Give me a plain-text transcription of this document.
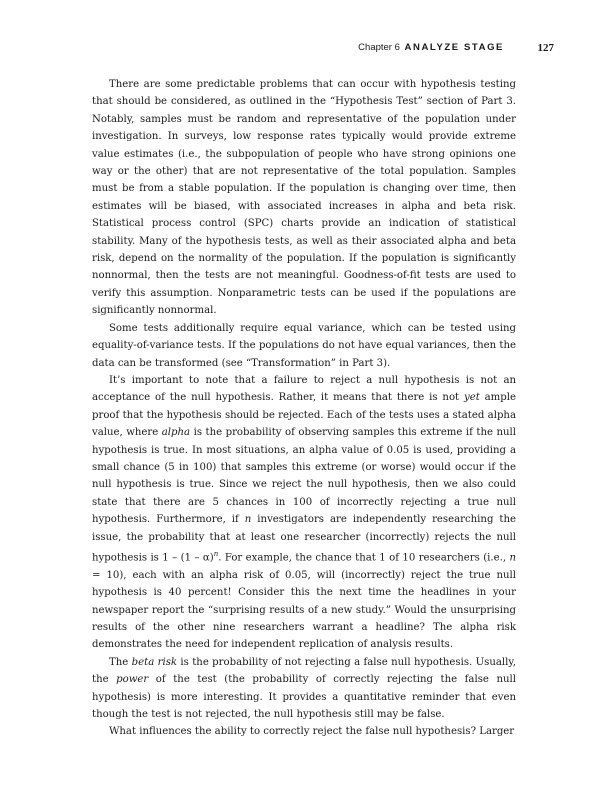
Chapter 6 ANALYZE STAGE	127

There are some predictable problems that can occur with hypothesis testing that should be considered, as outlined in the “Hypothesis Test” section of Part 3. Notably, samples must be random and representative of the population under investigation. In surveys, low response rates typically would provide extreme value estimates (i.e., the subpopulation of people who have strong opinions one way or the other) that are not representative of the total population. Samples must be from a stable population. If the population is changing over time, then estimates will be biased, with associated increases in alpha and beta risk. Statistical process control (SPC) charts provide an indication of statistical stability. Many of the hypothesis tests, as well as their associated alpha and beta risk, depend on the normality of the population. If the population is significantly nonnormal, then the tests are not meaningful. Goodness-of-fit tests are used to verify this assumption. Nonparametric tests can be used if the populations are significantly nonnormal.

Some tests additionally require equal variance, which can be tested using equality-of-variance tests. If the populations do not have equal variances, then the data can be transformed (see “Transformation” in Part 3).

It’s important to note that a failure to reject a null hypothesis is not an acceptance of the null hypothesis. Rather, it means that there is not yet ample proof that the hypothesis should be rejected. Each of the tests uses a stated alpha value, where alpha is the probability of observing samples this extreme if the null hypothesis is true. In most situations, an alpha value of 0.05 is used, providing a small chance (5 in 100) that samples this extreme (or worse) would occur if the null hypothesis is true. Since we reject the null hypothesis, then we also could state that there are 5 chances in 100 of incorrectly rejecting a true null hypothesis. Furthermore, if n investigators are independently researching the issue, the probability that at least one researcher (incorrectly) rejects the null hypothesis is 1 – (1 – α)$^n$. For example, the chance that 1 of 10 researchers (i.e., n = 10), each with an alpha risk of 0.05, will (incorrectly) reject the true null hypothesis is 40 percent! Consider this the next time the headlines in your newspaper report the “surprising results of a new study.” Would the unsurprising results of the other nine researchers warrant a headline? The alpha risk demonstrates the need for independent replication of analysis results.

The beta risk is the probability of not rejecting a false null hypothesis. Usually, the power of the test (the probability of correctly rejecting the false null hypothesis) is more interesting. It provides a quantitative reminder that even though the test is not rejected, the null hypothesis still may be false.

What influences the ability to correctly reject the false null hypothesis? Larger
